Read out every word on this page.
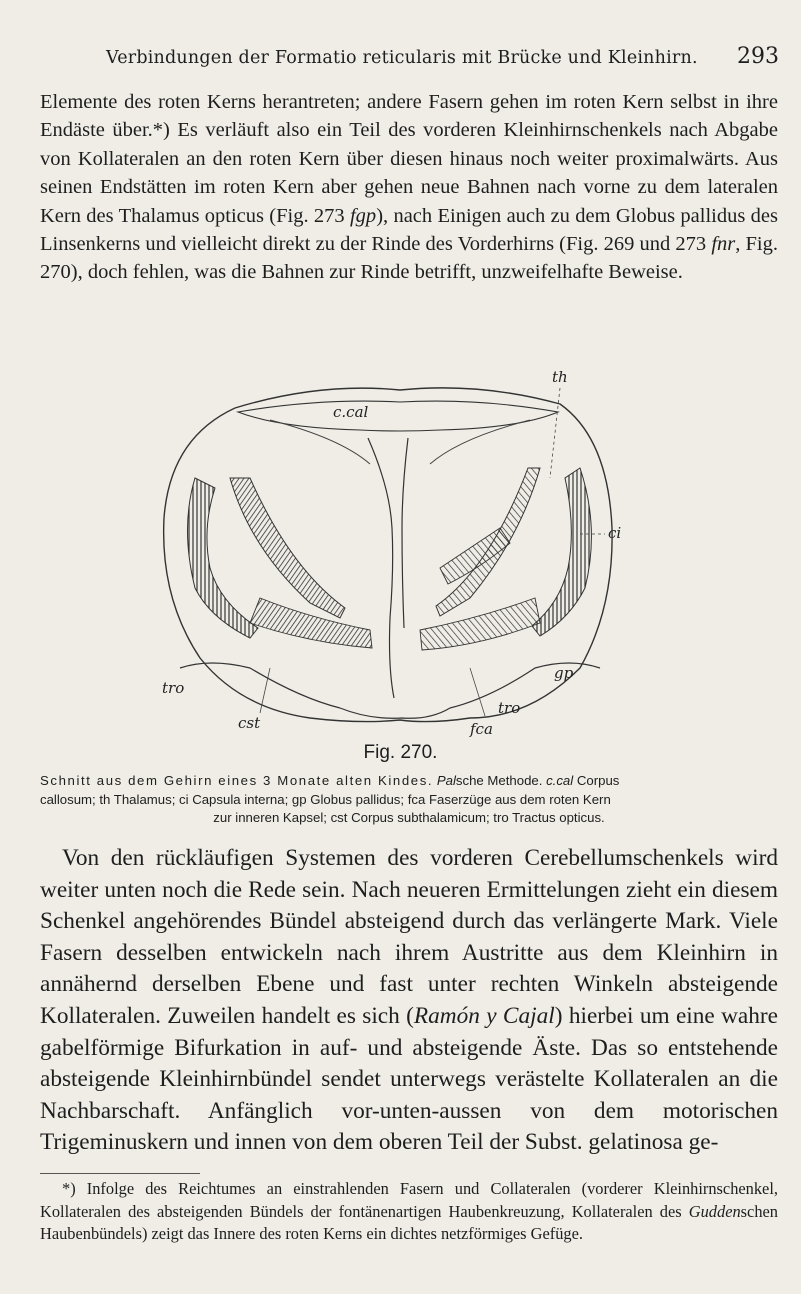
Verbindungen der Formatio reticularis mit Brücke und Kleinhirn. 293

Elemente des roten Kerns herantreten; andere Fasern gehen im roten Kern selbst in ihre Endäste über.*) Es verläuft also ein Teil des vorderen Kleinhirnschenkels nach Abgabe von Kollateralen an den roten Kern über diesen hinaus noch weiter proximalwärts. Aus seinen Endstätten im roten Kern aber gehen neue Bahnen nach vorne zu dem lateralen Kern des Thalamus opticus (Fig. 273 fgp), nach Einigen auch zu dem Globus pallidus des Linsenkerns und vielleicht direkt zu der Rinde des Vorderhirns (Fig. 269 und 273 fnr, Fig. 270), doch fehlen, was die Bahnen zur Rinde betrifft, unzweifelhafte Beweise.

th
c.cal
ci
gp
tro
tro
cst	fca
Fig. 270.
Schnitt aus dem Gehirn eines 3 Monate alten Kindes. Palsche Methode. c.cal Corpus
callosum; th Thalamus; ci Capsula interna; gp Globus pallidus; fca Faserzüge aus dem roten Kern

zur inneren Kapsel; cst Corpus subthalamicum; tro Tractus opticus.

Von den rückläufigen Systemen des vorderen Cerebellumschenkels wird weiter unten noch die Rede sein. Nach neueren Ermittelungen zieht ein diesem Schenkel angehörendes Bündel absteigend durch das verlängerte Mark. Viele Fasern desselben entwickeln nach ihrem Austritte aus dem Kleinhirn in annähernd derselben Ebene und fast unter rechten Winkeln absteigende Kollateralen. Zuweilen handelt es sich (Ramón y Cajal) hierbei um eine wahre gabelförmige Bifurkation in auf- und absteigende Äste. Das so entstehende absteigende Kleinhirnbündel sendet unterwegs verästelte Kollateralen an die Nachbarschaft. Anfänglich vor-unten-aussen von dem motorischen Trigeminuskern und innen von dem oberen Teil der Subst. gelatinosa ge-

*) Infolge des Reichtumes an einstrahlenden Fasern und Collateralen (vorderer Kleinhirnschenkel, Kollateralen des absteigenden Bündels der fontänenartigen Haubenkreuzung, Kollateralen des Guddenschen Haubenbündels) zeigt das Innere des roten Kerns ein dichtes netzförmiges Gefüge.
